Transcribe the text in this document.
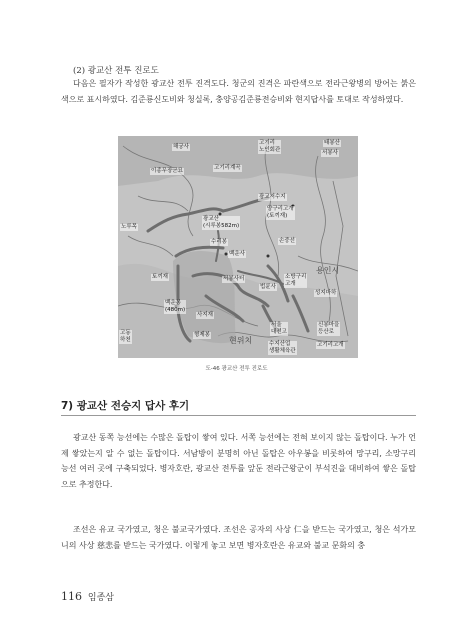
(2) 광교산 전투 진로도

다음은 필자가 작성한 광교산 전투 진격도다. 청군의 진격은 파란색으로 전라근왕병의 방어는 붉은색으로 표시하였다. 김준룡신도비와 청실록, 충양공김준룡전승비와 현지답사를 토대로 작성하였다.

해궁사
고기리
노인회관
태봉산
서봉사
이종무장군묘	고기리계곡
광교저수지
광교산
(시루봉582m)
양구리고개
(토끼재)
노루목
수리봉
백운사
손중선
용인시
토끼재	서봉사터
법륜사
소방구리
고개
성지마하
백운봉
(480m)
사지재
고동
하천
서울
대전고
신봉마을
등산로
형제봉
현위치	수지산업
생활체육관
고기리고개
도-46 광교산 전투 진로도
7) 광교산 전승지 답사 후기

광교산 동쪽 능선에는 수많은 돌탑이 쌓여 있다. 서쪽 능선에는 전혀 보이지 않는 돌탑이다. 누가 언제 쌓았는지 알 수 없는 돌탑이다. 서남방이 분명히 아닌 돌탑은 아우봉을 비롯하여 망구리, 소망구리 능선 여러 곳에 구축되었다. 병자호란, 광교산 전투를 앞둔 전라근왕군이 부석진을 대비하여 쌓은 돌탑으로 추정한다.

조선은 유교 국가였고, 청은 불교국가였다. 조선은 공자의 사상 仁을 받드는 국가였고, 청은 석가모니의 사상 慈悲를 받드는 국가였다. 이렇게 놓고 보면 병자호란은 유교와 불교 문화의 충

116 임종삼
